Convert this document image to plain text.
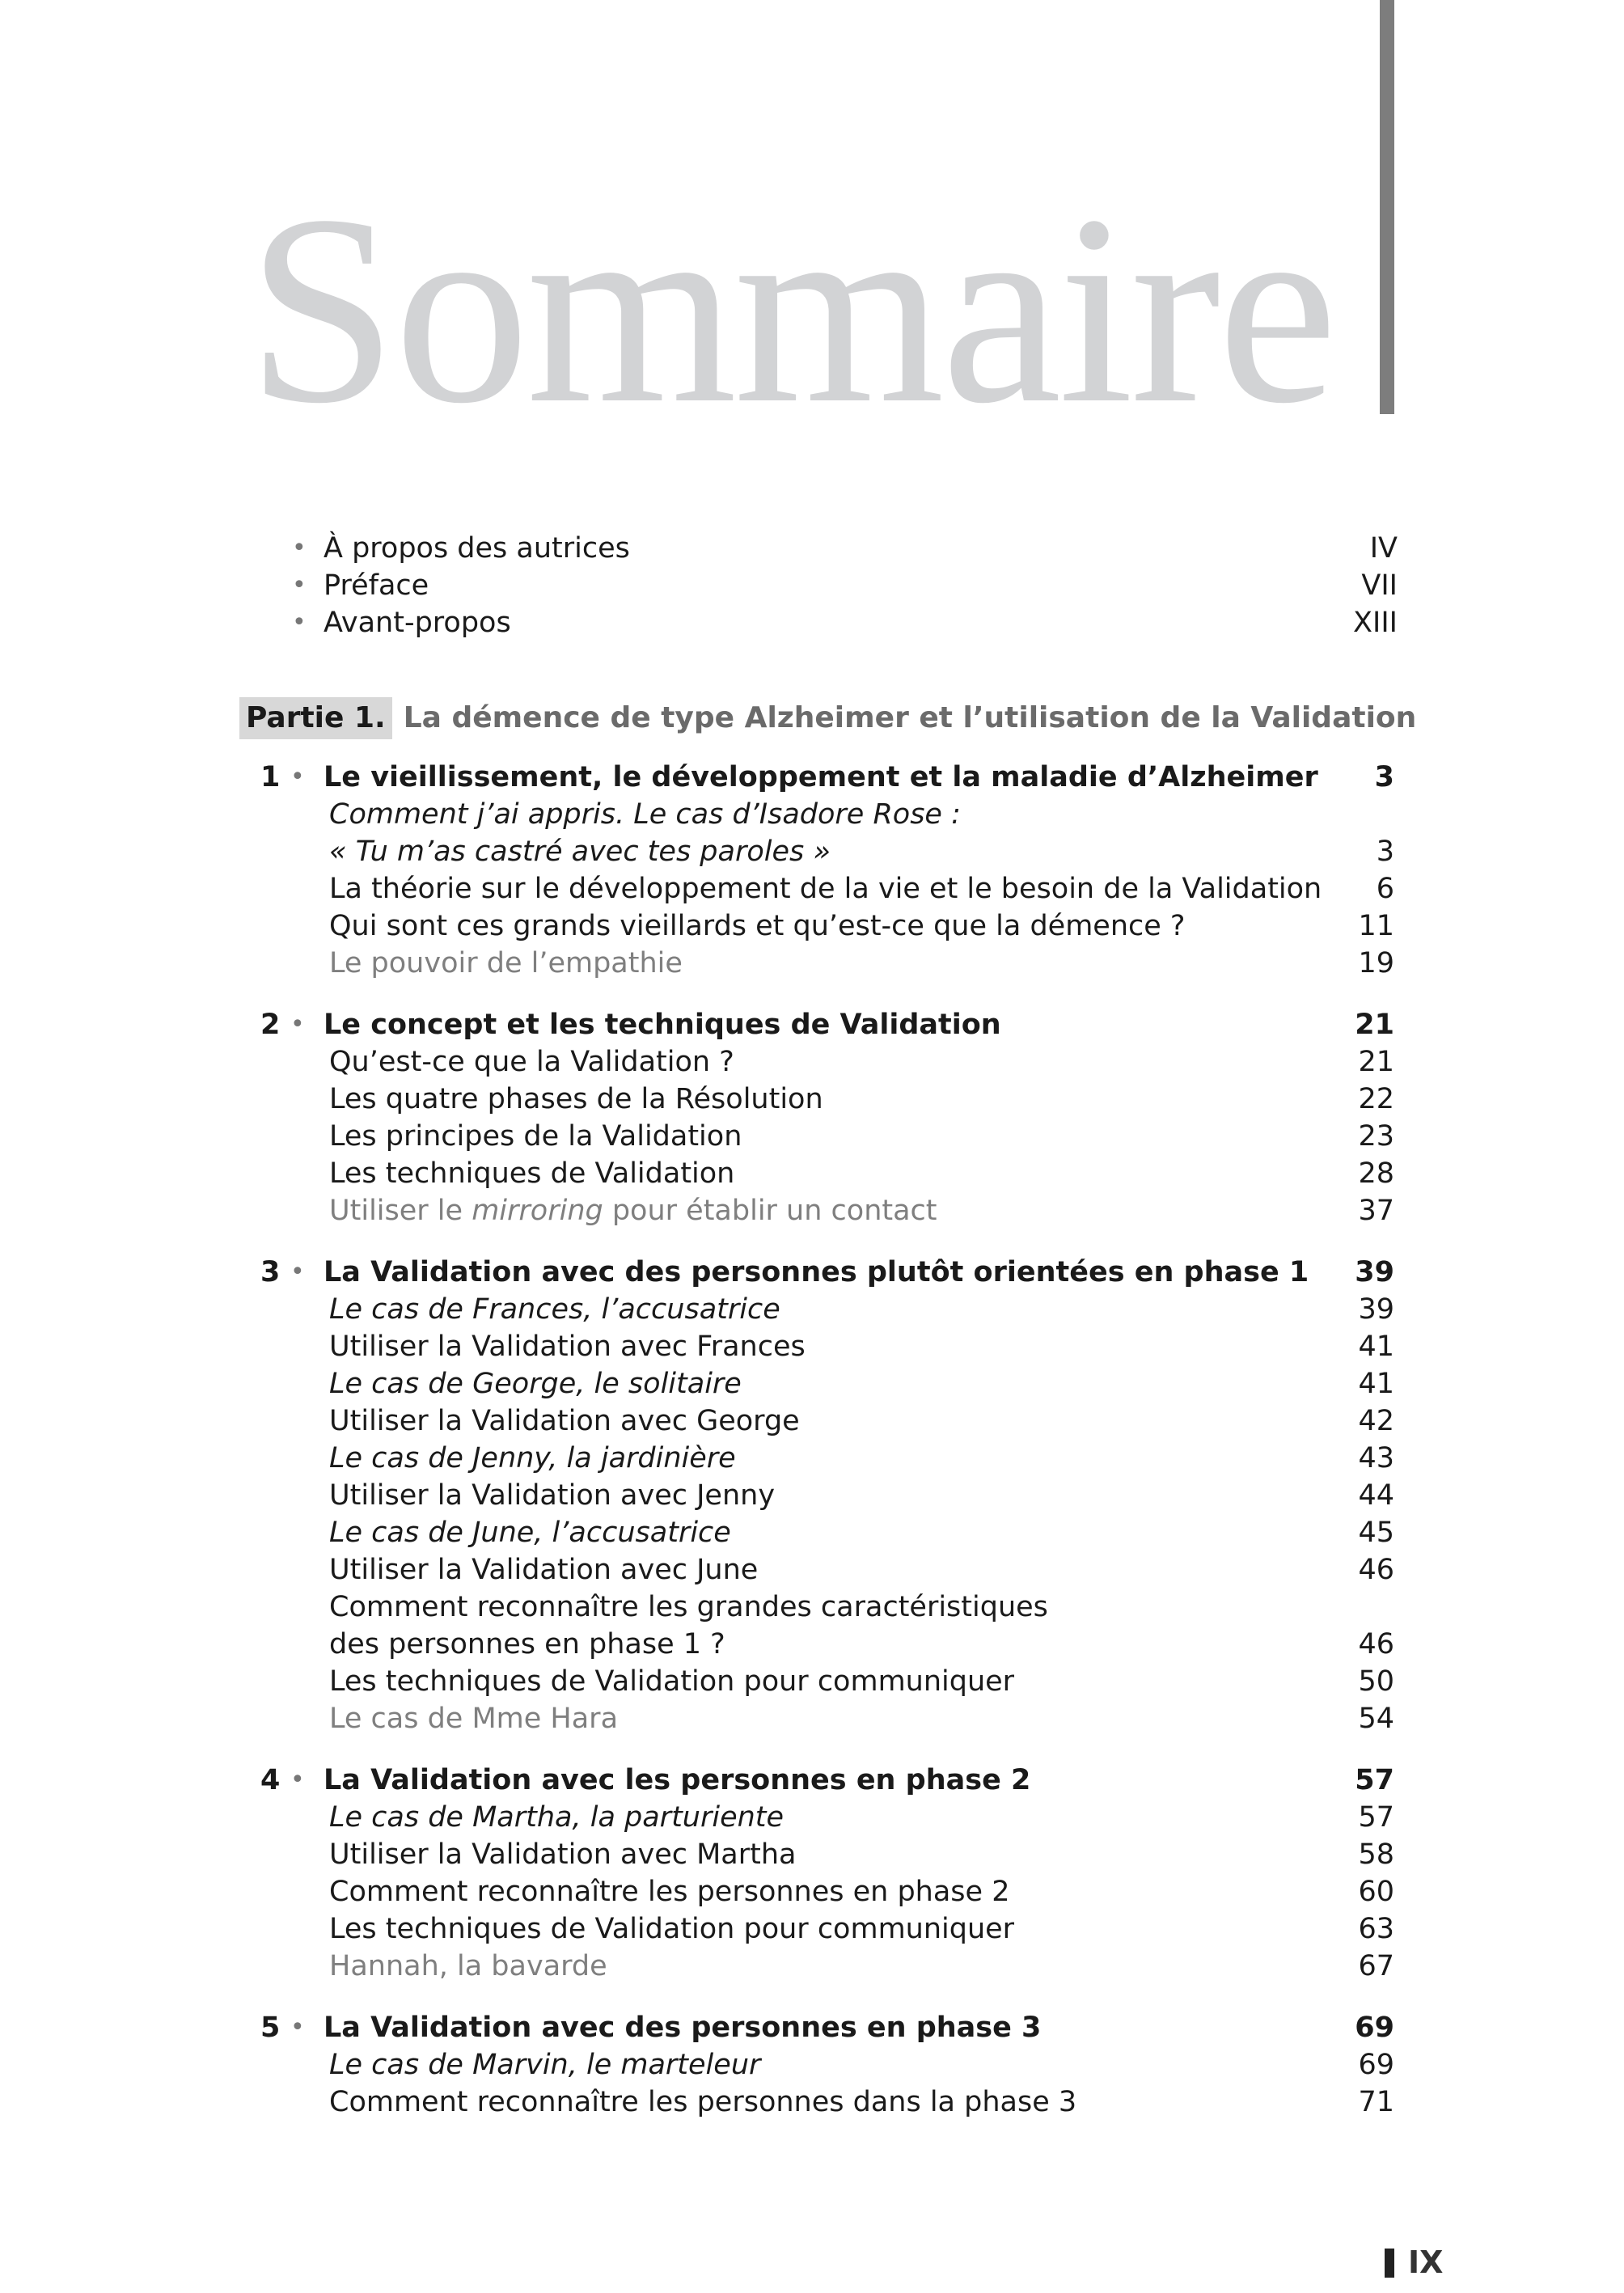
Sommaire
• À propos des autrices	IV
• Préface	VII
• Avant-propos	XIII
Partie 1. La démence de type Alzheimer et l’utilisation de la Validation
1 • Le vieillissement, le développement et la maladie d’Alzheimer 3
Comment j’ai appris. Le cas d’Isadore Rose :
« Tu m’as castré avec tes paroles »	3
La théorie sur le développement de la vie et le besoin de la Validation 6
Qui sont ces grands vieillards et qu’est-ce que la démence ?	11
Le pouvoir de l’empathie	19
2 • Le concept et les techniques de Validation	21
Qu’est-ce que la Validation ?	21
Les quatre phases de la Résolution	22
Les principes de la Validation	23
Les techniques de Validation	28
Utiliser le mirroring pour établir un contact	37
3 • La Validation avec des personnes plutôt orientées en phase 1 39
Le cas de Frances, l’accusatrice	39
Utiliser la Validation avec Frances	41
Le cas de George, le solitaire	41
Utiliser la Validation avec George	42
Le cas de Jenny, la jardinière	43
Utiliser la Validation avec Jenny	44
Le cas de June, l’accusatrice	45
Utiliser la Validation avec June	46
Comment reconnaître les grandes caractéristiques
des personnes en phase 1 ?	46
Les techniques de Validation pour communiquer	50
Le cas de Mme Hara	54
4 • La Validation avec les personnes en phase 2	57
Le cas de Martha, la parturiente	57
Utiliser la Validation avec Martha	58
Comment reconnaître les personnes en phase 2	60
Les techniques de Validation pour communiquer	63
Hannah, la bavarde	67
5 • La Validation avec des personnes en phase 3	69
Le cas de Marvin, le marteleur	69
Comment reconnaître les personnes dans la phase 3	71
IX
